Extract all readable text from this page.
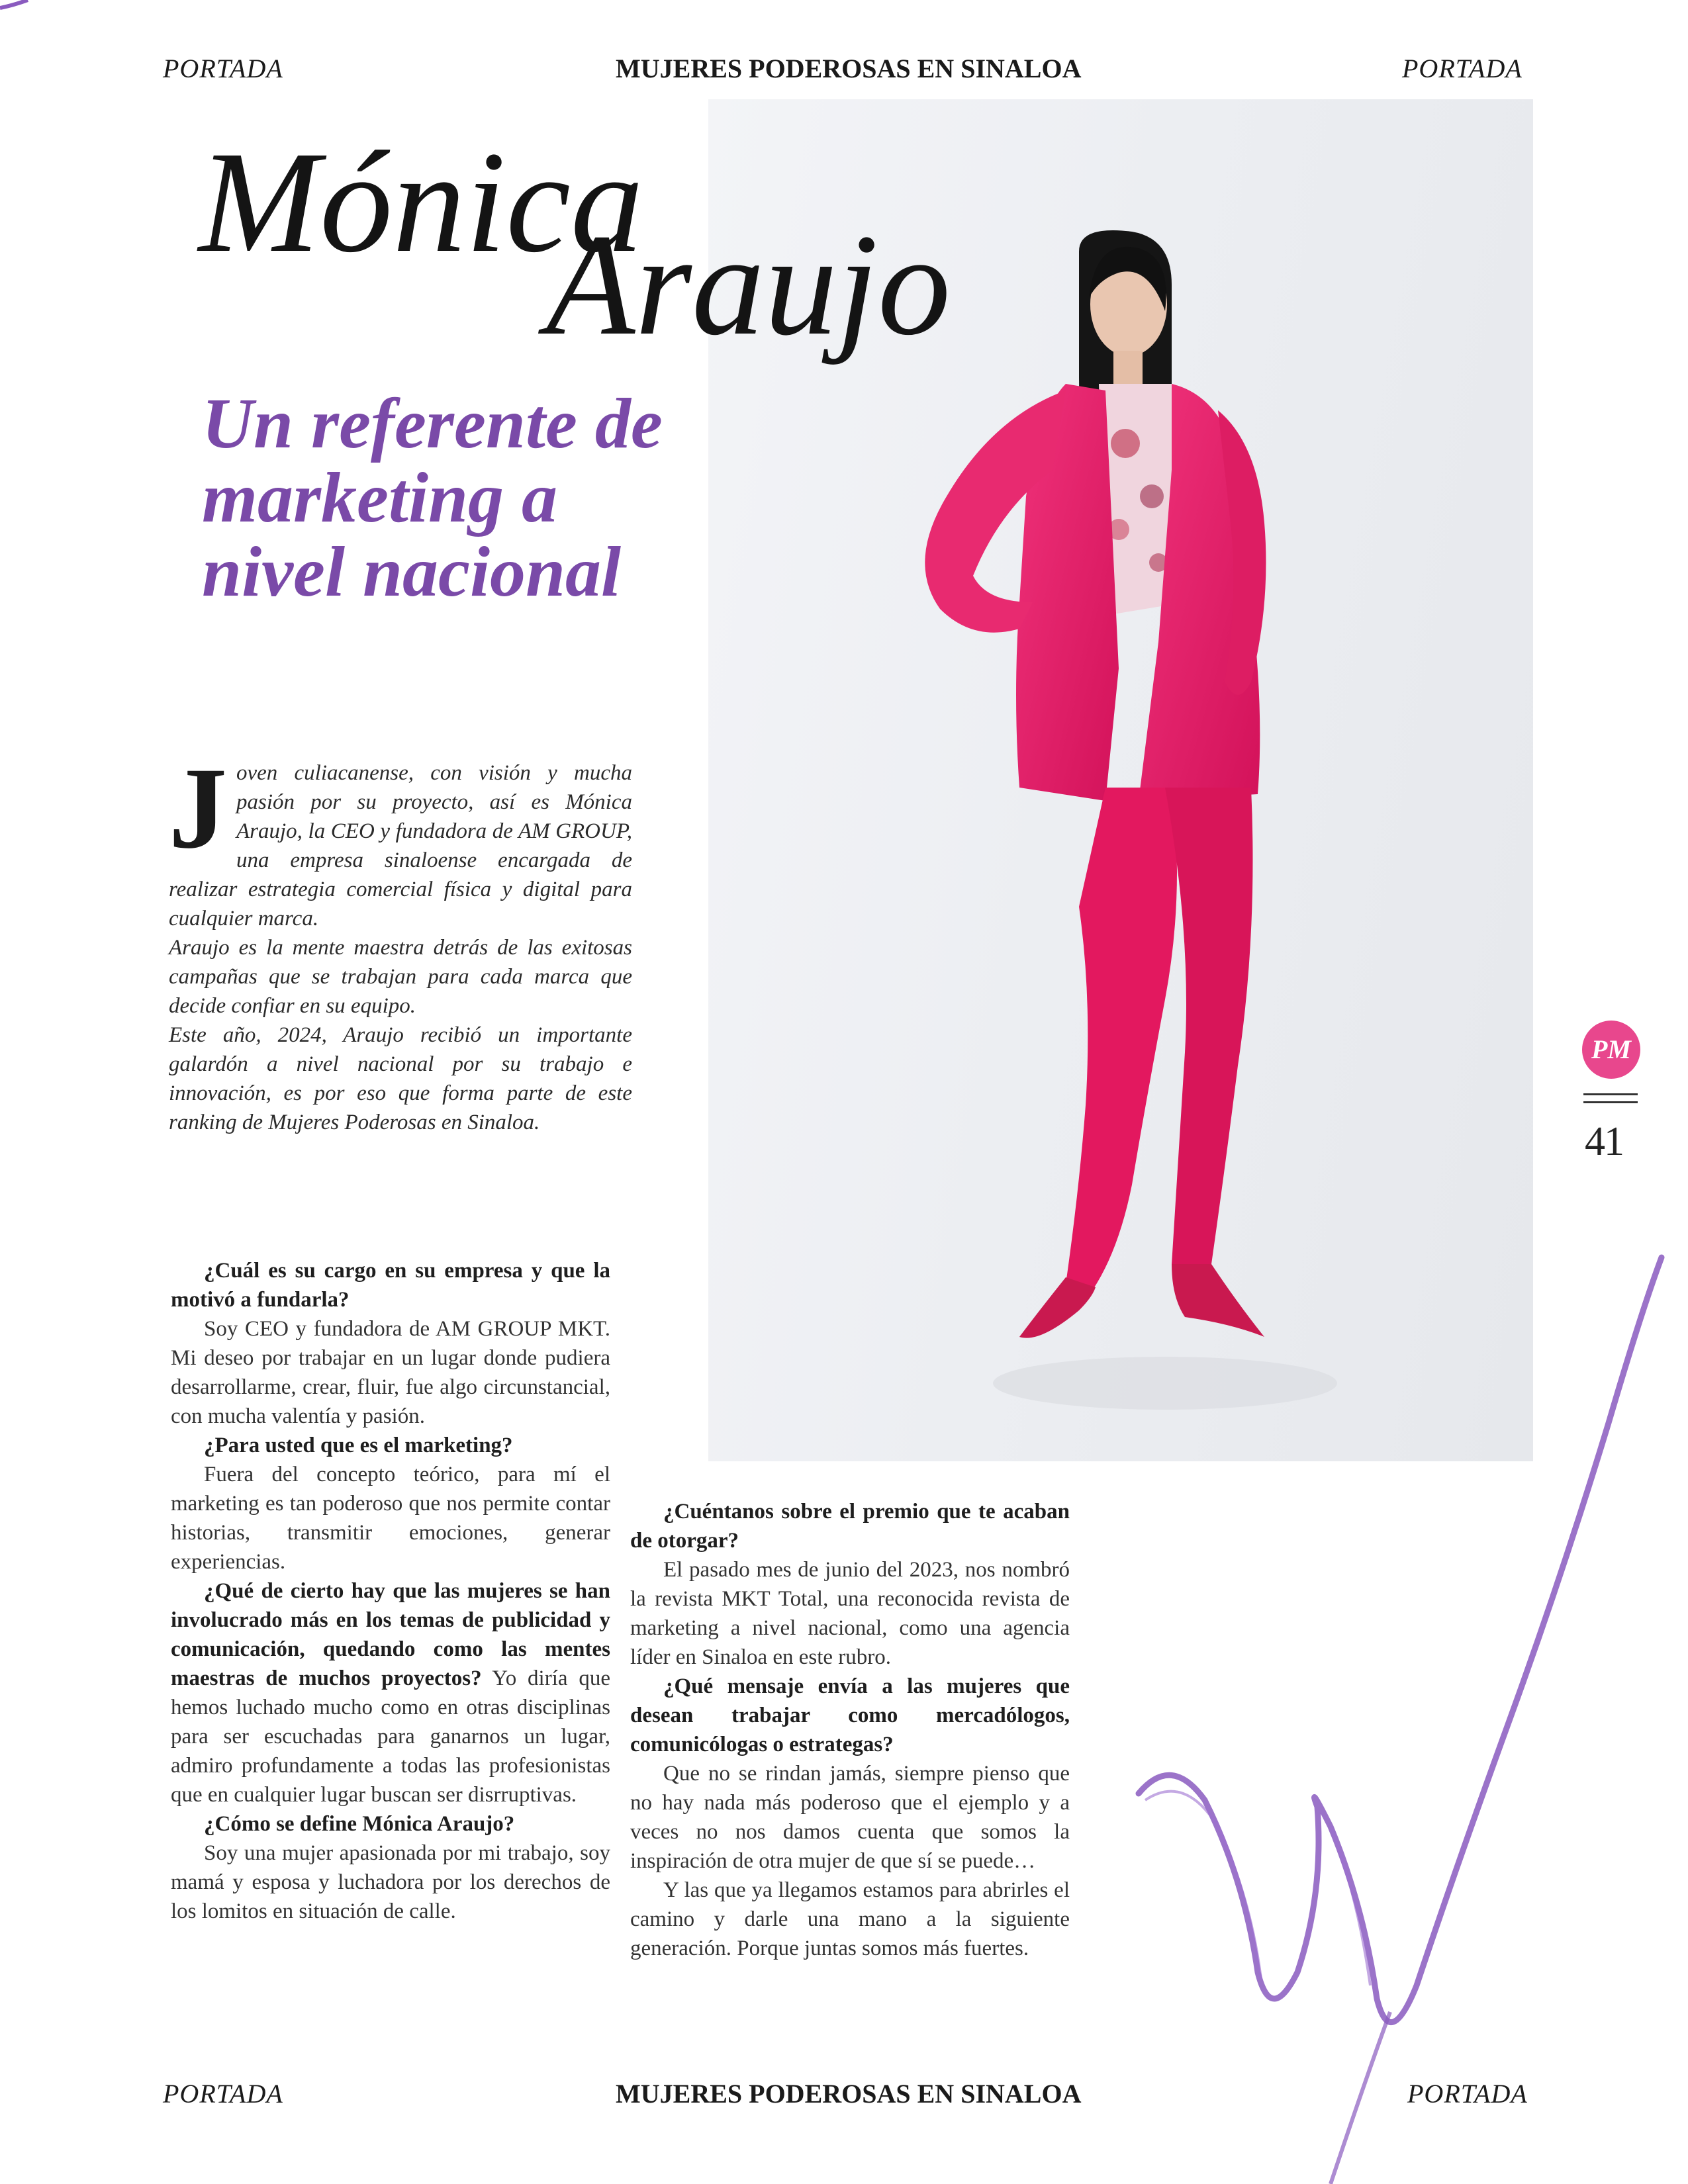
PORTADA	MUJERES PODEROSAS EN SINALOA	PORTADA
Mónica
Araujo
Un referente de marketing a nivel nacional

Joven culiacanense, con visión y mucha pasión por su proyecto, así es Mónica Araujo, la CEO y fundadora de AM GROUP, una empresa sinaloense encargada de realizar estrategia comercial física y digital para cualquier marca.

Araujo es la mente maestra detrás de las exitosas campañas que se trabajan para cada marca que decide confiar en su equipo.

Este año, 2024, Araujo recibió un importante galardón a nivel nacional por su trabajo e innovación, es por eso que forma parte de este ranking de Mujeres Poderosas en Sinaloa.

¿Cuál es su cargo en su empresa y que la motivó a fundarla?

Soy CEO y fundadora de AM GROUP MKT. Mi deseo por trabajar en un lugar donde pudiera desarrollarme, crear, fluir, fue algo circunstancial, con mucha valentía y pasión.

¿Para usted que es el marketing?

Fuera del concepto teórico, para mí el marketing es tan poderoso que nos permite contar historias, transmitir emociones, generar experiencias.

¿Qué de cierto hay que las mujeres se han involucrado más en los temas de publicidad y comunicación, quedando como las mentes maestras de muchos proyectos? Yo diría que hemos luchado mucho como en otras disciplinas para ser escuchadas para ganarnos un lugar, admiro profundamente a todas las profesionistas que en cualquier lugar buscan ser disrruptivas.

¿Cómo se define Mónica Araujo?

Soy una mujer apasionada por mi trabajo, soy mamá y esposa y luchadora por los derechos de los lomitos en situación de calle.

¿Cuéntanos sobre el premio que te acaban de otorgar?

El pasado mes de junio del 2023, nos nombró la revista MKT Total, una reconocida revista de marketing a nivel nacional, como una agencia líder en Sinaloa en este rubro.

¿Qué mensaje envía a las mujeres que desean trabajar como mercadólogos, comunicólogas o estrategas?

Que no se rindan jamás, siempre pienso que no hay nada más poderoso que el ejemplo y a veces no nos damos cuenta que somos la inspiración de otra mujer de que sí se puede…

Y las que ya llegamos estamos para abrirles el camino y darle una mano a la siguiente generación. Porque juntas somos más fuertes.

PM
41
PORTADA	MUJERES PODEROSAS EN SINALOA	PORTADA
